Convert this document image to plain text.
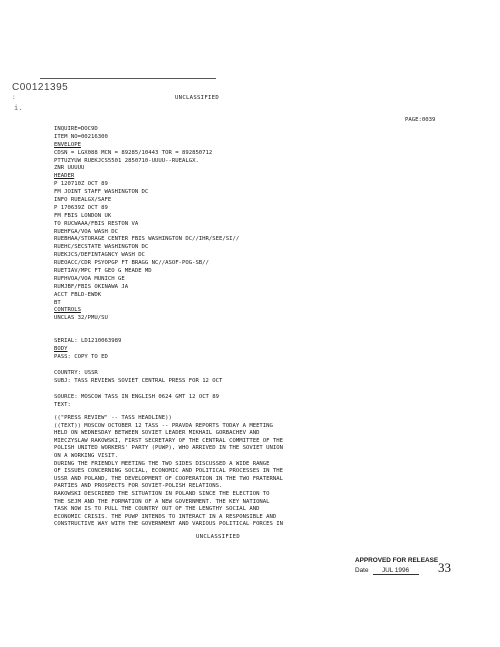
C00121395
:
i.
UNCLASSIFIED
PAGE:0039
INQUIRE=DOC9D
ITEM NO=00216300
ENVELOPE
CDSN = LGX088 MCN = 89285/10443 TOR = 892850712
PTTUZYUW RUEKJCS5501 2850710-UUUU--RUEALGX.
ZNR UUUUU
HEADER
P 120710Z OCT 89
FM JOINT STAFF WASHINGTON DC
INFO RUEALGX/SAFE
P 170639Z OCT 89
FM FBIS LONDON UK
TO RUCWAAA/FBIS RESTON VA
RUEHFGA/VOA WASH DC
RUEBHAA/STORAGE CENTER FBIS WASHINGTON DC//IHR/SEE/SI//
RUEHC/SECSTATE WASHINGTON DC
RUEKJCS/DEFINTAGNCY WASH DC
RUEOACC/CDR PSYOPGP FT BRAGG NC//ASOF-POG-SB//
RUETIAV/MPC FT GEO G MEADE MD
RUFHVOA/VOA MUNICH GE
RUMJBF/FBIS OKINAWA JA
ACCT FBLD-EWDK
BT
CONTROLS
UNCLAS 32/PMU/SU
SERIAL: LD1210063989
BODY
PASS: COPY TO ED
COUNTRY: USSR
SUBJ: TASS REVIEWS SOVIET CENTRAL PRESS FOR 12 OCT
SOURCE: MOSCOW TASS IN ENGLISH 0624 GMT 12 OCT 89
TEXT:
(("PRESS REVIEW" -- TASS HEADLINE))
((TEXT)) MOSCOW OCTOBER 12 TASS -- PRAVDA REPORTS TODAY A MEETING
HELD ON WEDNESDAY BETWEEN SOVIET LEADER MIKHAIL GORBACHEV AND
MIECZYSLAW RAKOWSKI, FIRST SECRETARY OF THE CENTRAL COMMITTEE OF THE
POLISH UNITED WORKERS' PARTY (PUWP), WHO ARRIVED IN THE SOVIET UNION
ON A WORKING VISIT.
DURING THE FRIENDLY MEETING THE TWO SIDES DISCUSSED A WIDE RANGE
OF ISSUES CONCERNING SOCIAL, ECONOMIC AND POLITICAL PROCESSES IN THE
USSR AND POLAND, THE DEVELOPMENT OF COOPERATION IN THE TWO FRATERNAL
PARTIES AND PROSPECTS FOR SOVIET-POLISH RELATIONS.
RAKOWSKI DESCRIBED THE SITUATION IN POLAND SINCE THE ELECTION TO
THE SEJM AND THE FORMATION OF A NEW GOVERNMENT. THE KEY NATIONAL
TASK NOW IS TO PULL THE COUNTRY OUT OF THE LENGTHY SOCIAL AND
ECONOMIC CRISIS. THE PUWP INTENDS TO INTERACT IN A RESPONSIBLE AND
CONSTRUCTIVE WAY WITH THE GOVERNMENT AND VARIOUS POLITICAL FORCES IN
UNCLASSIFIED
APPROVED FOR RELEASE
Date JUL 1996	33
